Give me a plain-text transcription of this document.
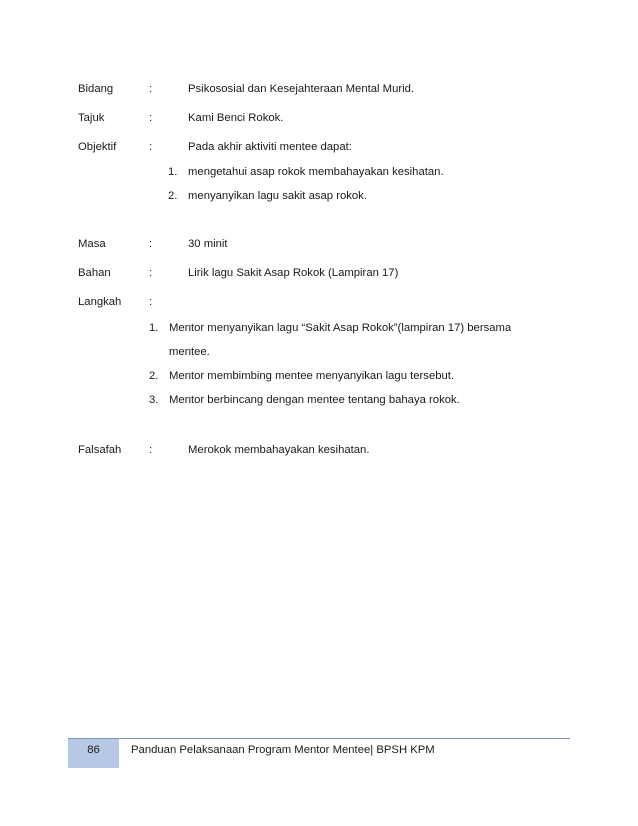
Bidang	:	Psikososial dan Kesejahteraan Mental Murid.
Tajuk	:	Kami Benci Rokok.
Objektif	:	Pada akhir aktiviti mentee dapat:
1. mengetahui asap rokok membahayakan kesihatan.
2. menyanyikan lagu sakit asap rokok.
Masa	:	30 minit
Bahan	:	Lirik lagu Sakit Asap Rokok (Lampiran 17)
Langkah :
1. Mentor menyanyikan lagu “Sakit Asap Rokok”(lampiran 17) bersama
mentee.
2. Mentor membimbing mentee menyanyikan lagu tersebut.
3. Mentor berbincang dengan mentee tentang bahaya rokok.
Falsafah :	Merokok membahayakan kesihatan.
86	Panduan Pelaksanaan Program Mentor Mentee| BPSH KPM
